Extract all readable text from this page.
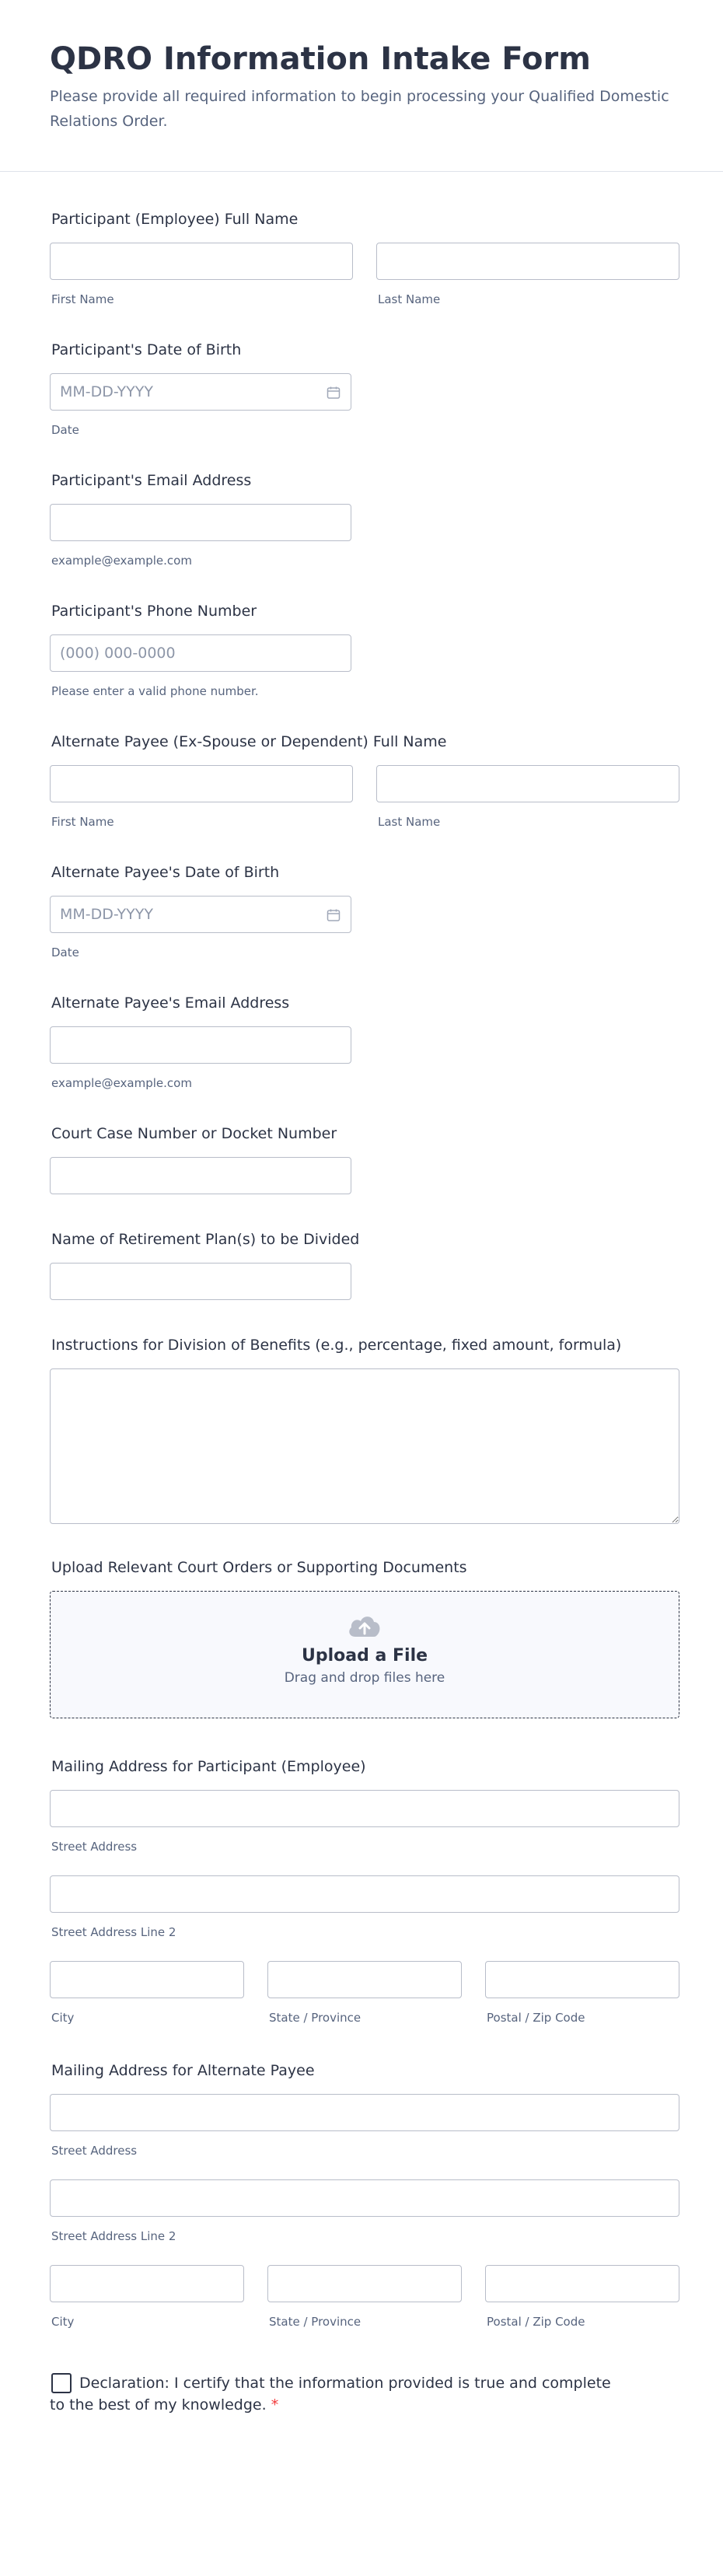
QDRO Information Intake Form

Please provide all required information to begin processing your Qualified Domestic Relations Order.

Participant (Employee) Full Name
First Name	Last Name
Participant's Date of Birth
MM-DD-YYYY
Date
Participant's Email Address
example@example.com
Participant's Phone Number
(000) 000-0000
Please enter a valid phone number.
Alternate Payee (Ex-Spouse or Dependent) Full Name
First Name	Last Name
Alternate Payee's Date of Birth
MM-DD-YYYY
Date
Alternate Payee's Email Address
example@example.com
Court Case Number or Docket Number
Name of Retirement Plan(s) to be Divided
Instructions for Division of Benefits (e.g., percentage, fixed amount, formula)
Upload Relevant Court Orders or Supporting Documents
Upload a File
Drag and drop files here
Mailing Address for Participant (Employee)
Street Address
Street Address Line 2
City	State / Province	Postal / Zip Code
Mailing Address for Alternate Payee
Street Address
Street Address Line 2
City	State / Province	Postal / Zip Code
Declaration: I certify that the information provided is true and complete
to the best of my knowledge. *
